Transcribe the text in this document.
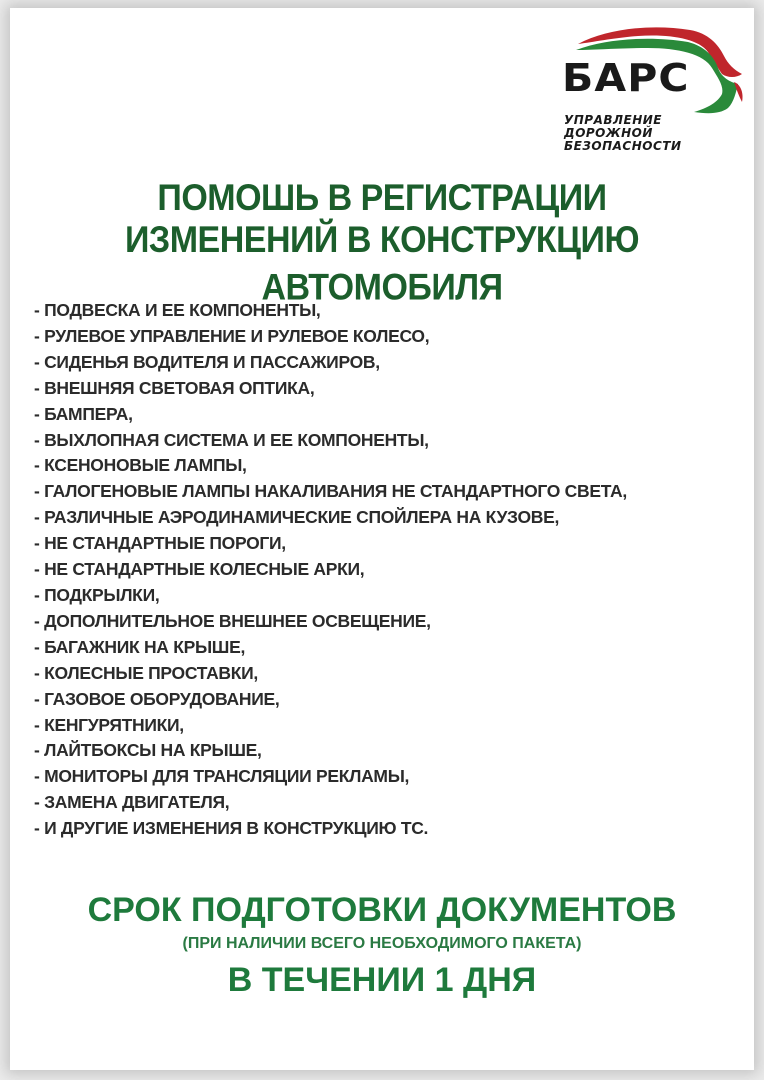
БАРС
УПРАВЛЕНИЕ
ДОРОЖНОЙ
БЕЗОПАСНОСТИ
ПОМОШЬ В РЕГИСТРАЦИИ
ИЗМЕНЕНИЙ В КОНСТРУКЦИЮ АВТОМОБИЛЯ
- ПОДВЕСКА И ЕЕ КОМПОНЕНТЫ,
- РУЛЕВОЕ УПРАВЛЕНИЕ И РУЛЕВОЕ КОЛЕСО,
- СИДЕНЬЯ ВОДИТЕЛЯ И ПАССАЖИРОВ,
- ВНЕШНЯЯ СВЕТОВАЯ ОПТИКА,
- БАМПЕРА,
- ВЫХЛОПНАЯ СИСТЕМА И ЕЕ КОМПОНЕНТЫ,
- КСЕНОНОВЫЕ ЛАМПЫ,
- ГАЛОГЕНОВЫЕ ЛАМПЫ НАКАЛИВАНИЯ НЕ СТАНДАРТНОГО СВЕТА,
- РАЗЛИЧНЫЕ АЭРОДИНАМИЧЕСКИЕ СПОЙЛЕРА НА КУЗОВЕ,
- НЕ СТАНДАРТНЫЕ ПОРОГИ,
- НЕ СТАНДАРТНЫЕ КОЛЕСНЫЕ АРКИ,
- ПОДКРЫЛКИ,
- ДОПОЛНИТЕЛЬНОЕ ВНЕШНЕЕ ОСВЕЩЕНИЕ,
- БАГАЖНИК НА КРЫШЕ,
- КОЛЕСНЫЕ ПРОСТАВКИ,
- ГАЗОВОЕ ОБОРУДОВАНИЕ,
- КЕНГУРЯТНИКИ,
- ЛАЙТБОКСЫ НА КРЫШЕ,
- МОНИТОРЫ ДЛЯ ТРАНСЛЯЦИИ РЕКЛАМЫ,
- ЗАМЕНА ДВИГАТЕЛЯ,
- И ДРУГИЕ ИЗМЕНЕНИЯ В КОНСТРУКЦИЮ ТС.
СРОК ПОДГОТОВКИ ДОКУМЕНТОВ
(ПРИ НАЛИЧИИ ВСЕГО НЕОБХОДИМОГО ПАКЕТА)
В ТЕЧЕНИИ 1 ДНЯ
